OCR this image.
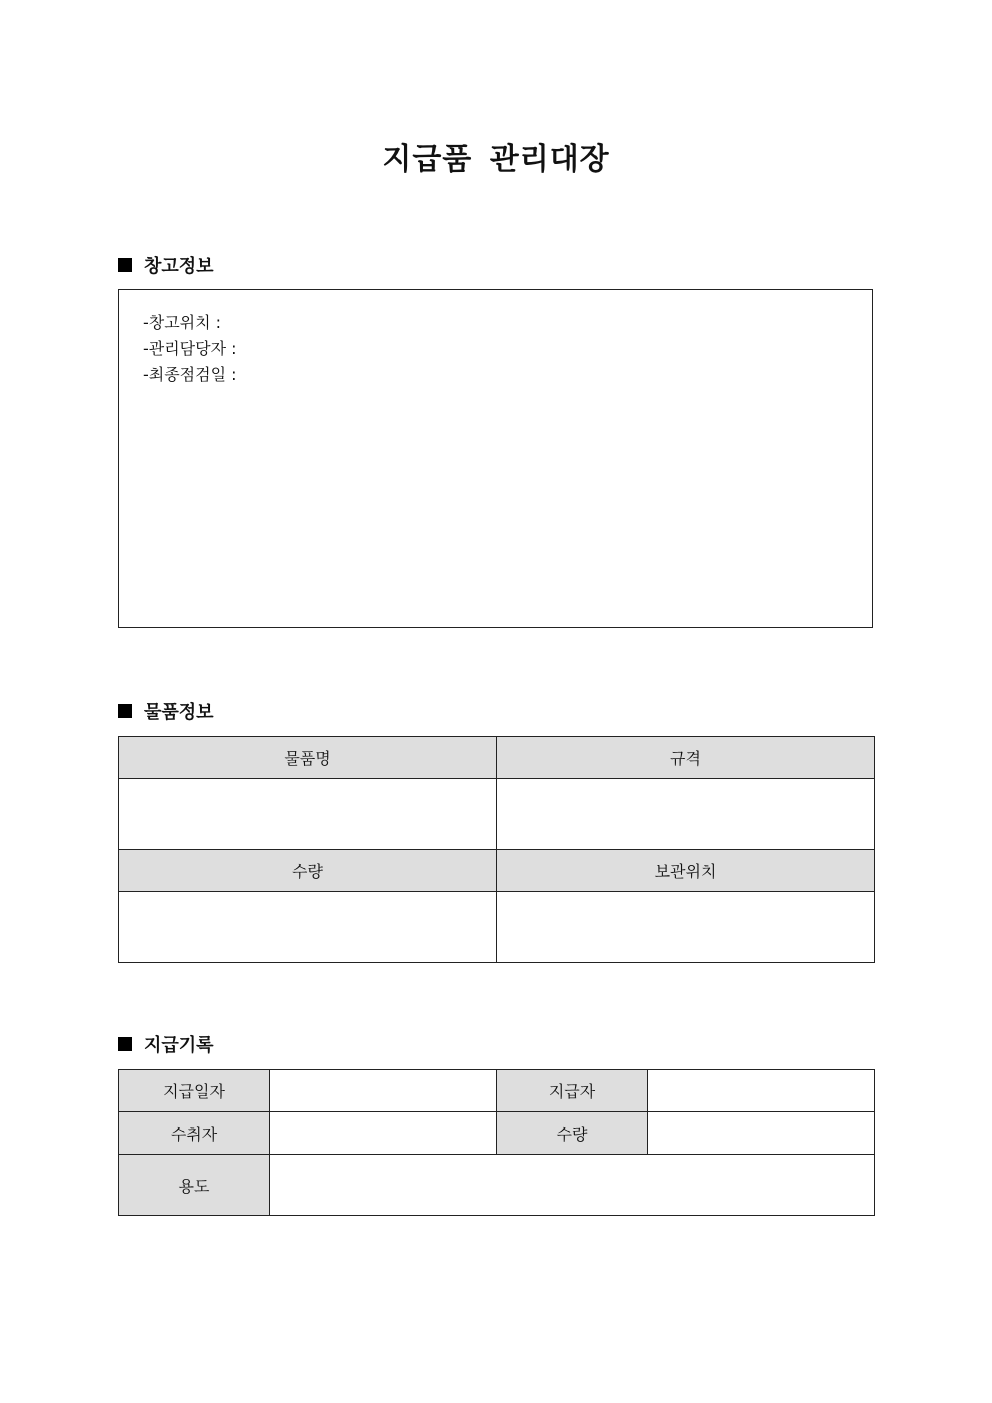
지급품 관리대장
창고정보
-창고위치 :
-관리담당자 :
-최종점검일 :
물품정보
물품명	규격

수량	보관위치

지급기록
지급일자		지급자	
수취자		수량	
용도			
